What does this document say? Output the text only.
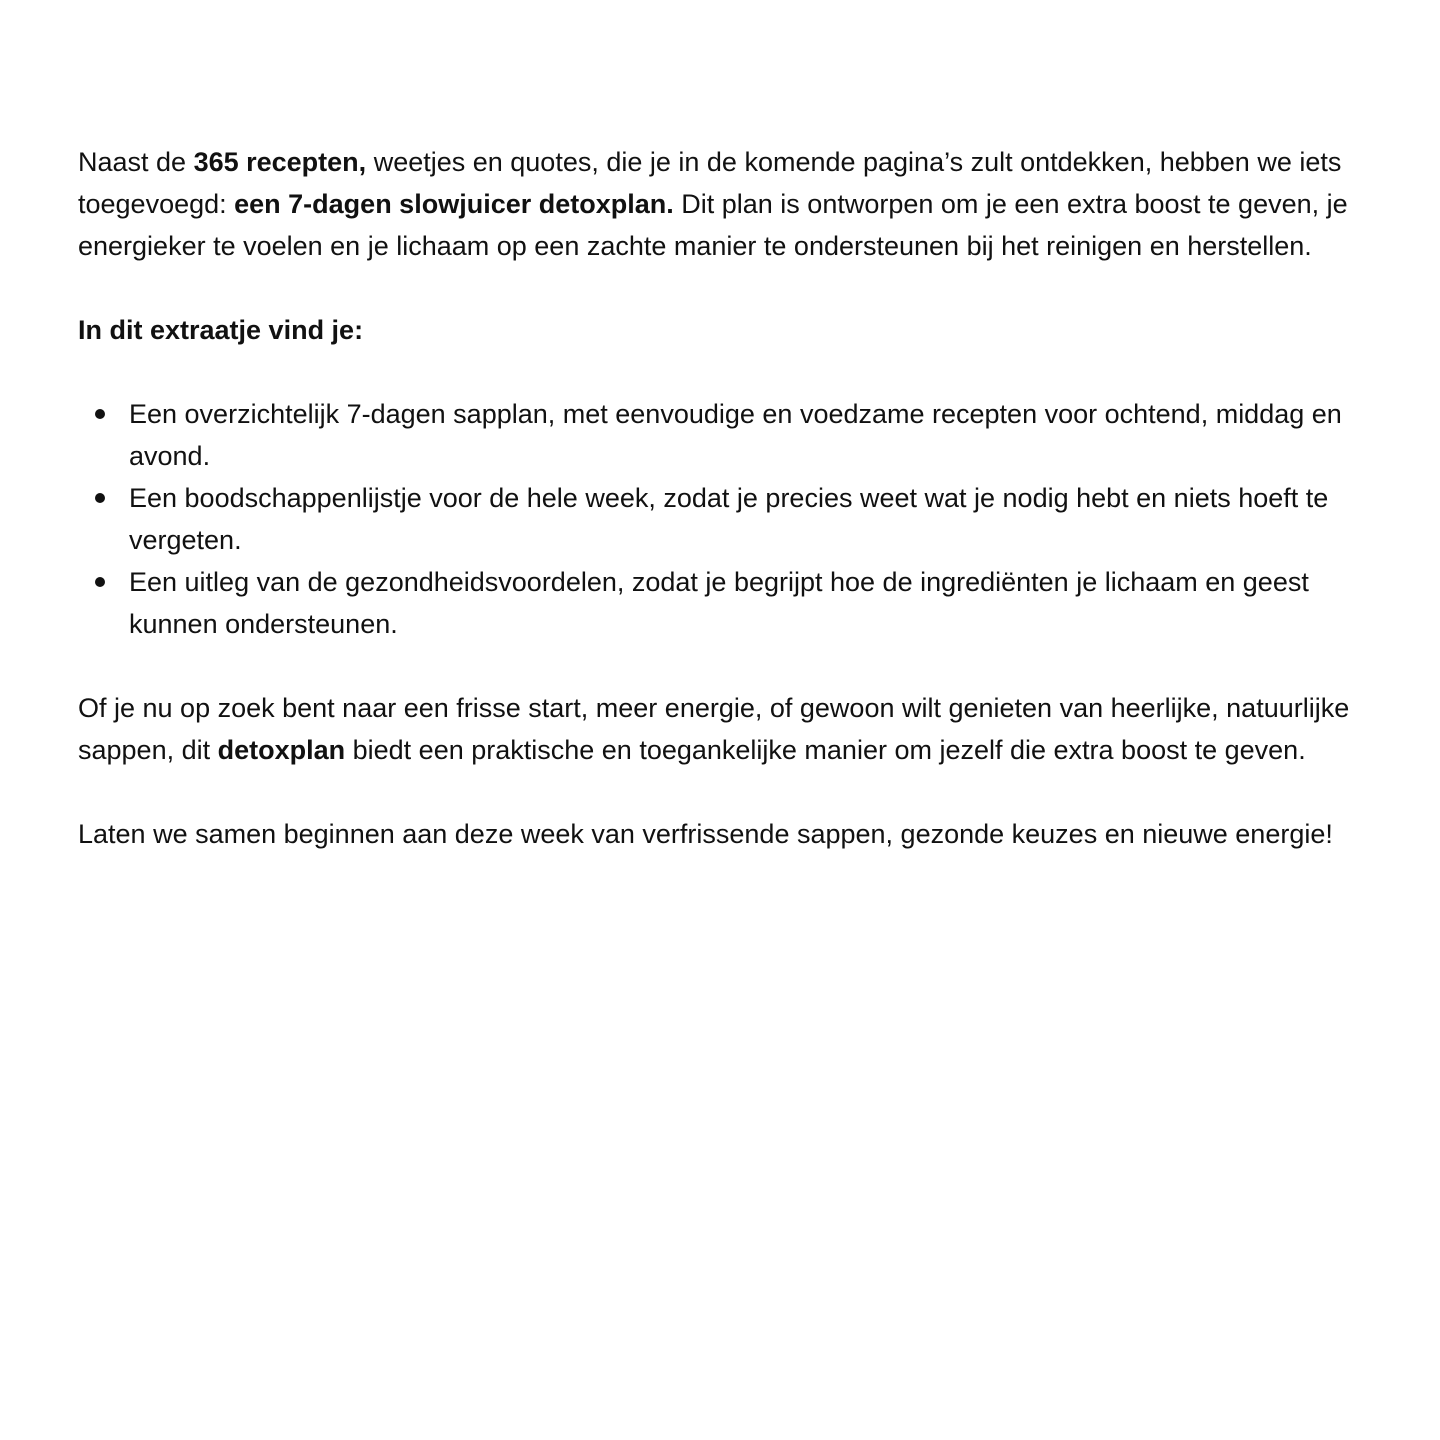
Naast de 365 recepten, weetjes en quotes, die je in de komende pagina’s zult ontdekken, hebben we iets toegevoegd: een 7-dagen slowjuicer detoxplan. Dit plan is ontworpen om je een extra boost te geven, je energieker te voelen en je lichaam op een zachte manier te ondersteunen bij het reinigen en herstellen.

In dit extraatje vind je:

Een overzichtelijk 7-dagen sapplan, met eenvoudige en voedzame recepten voor ochtend, middag en avond.
Een boodschappenlijstje voor de hele week, zodat je precies weet wat je nodig hebt en niets hoeft te vergeten.
Een uitleg van de gezondheidsvoordelen, zodat je begrijpt hoe de ingrediënten je lichaam en geest kunnen ondersteunen.

Of je nu op zoek bent naar een frisse start, meer energie, of gewoon wilt genieten van heerlijke, natuurlijke sappen, dit detoxplan biedt een praktische en toegankelijke manier om jezelf die extra boost te geven.

Laten we samen beginnen aan deze week van verfrissende sappen, gezonde keuzes en nieuwe energie!
